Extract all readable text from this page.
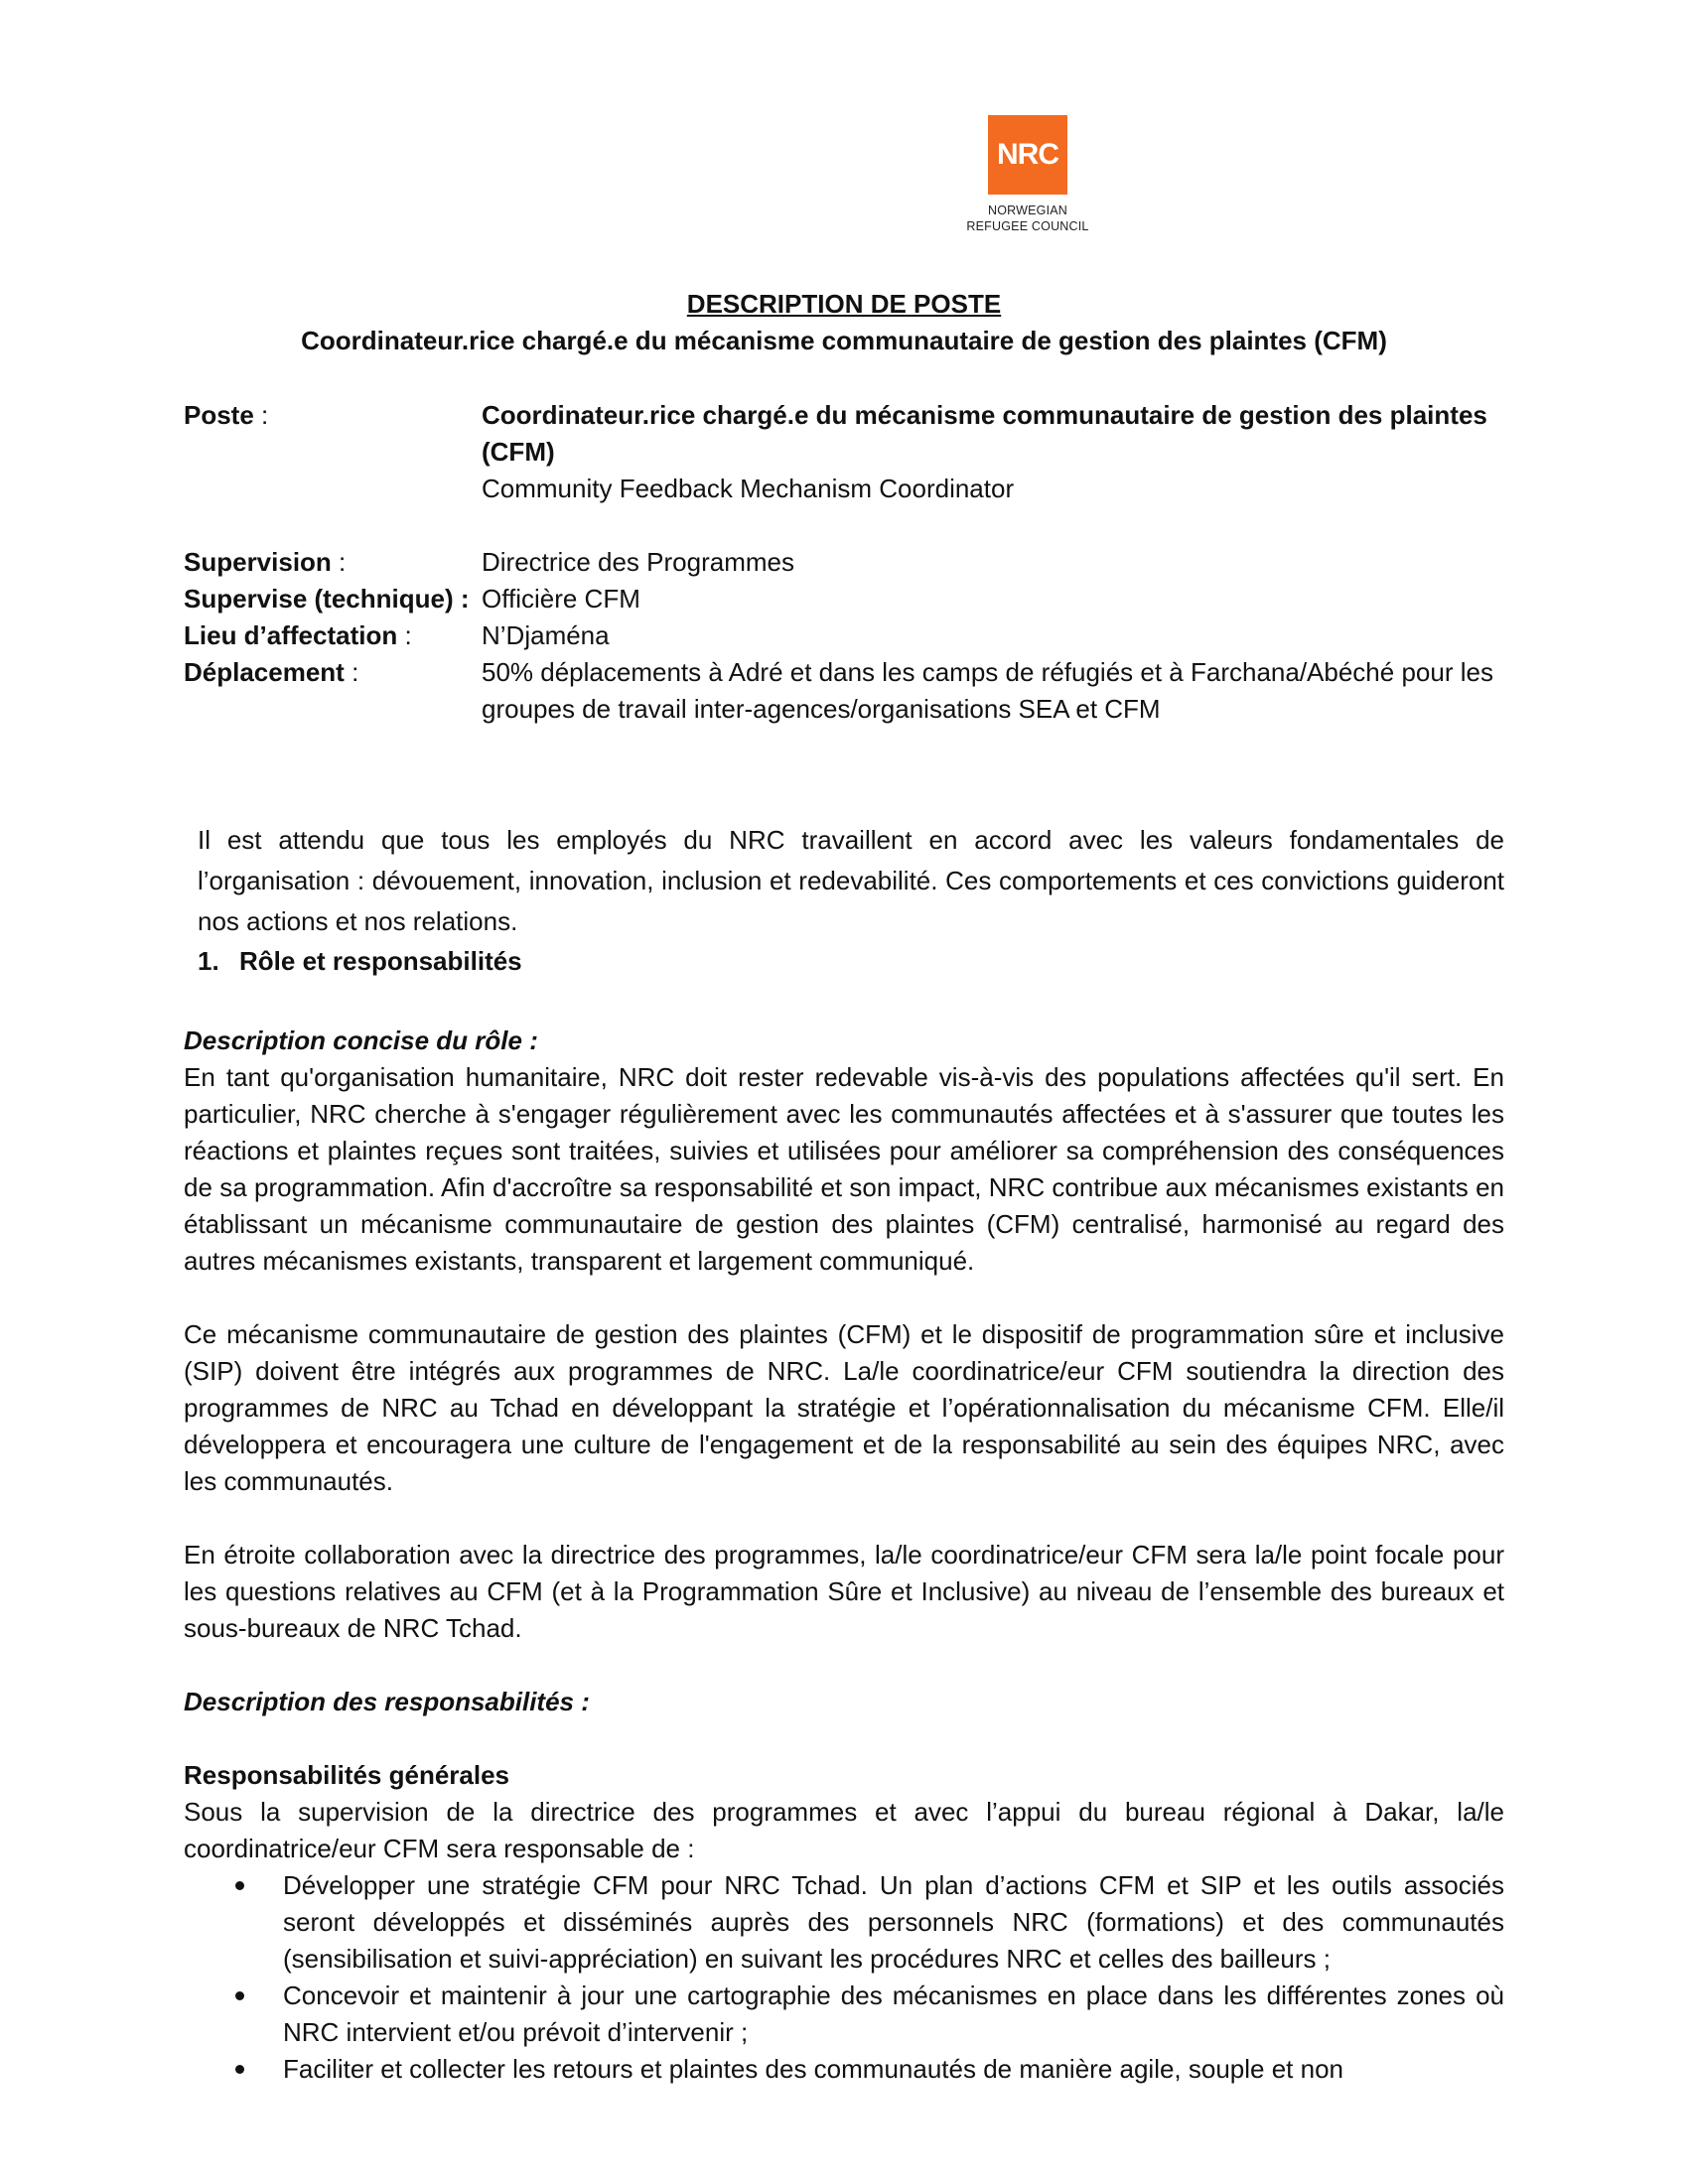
NRC
NORWEGIAN
REFUGEE COUNCIL
DESCRIPTION DE POSTE
Coordinateur.rice chargé.e du mécanisme communautaire de gestion des plaintes (CFM)
Poste :	Coordinateur.rice chargé.e du mécanisme communautaire de gestion des plaintes (CFM)
Community Feedback Mechanism Coordinator
Supervision :	Directrice des Programmes
Supervise (technique) : Officière CFM
Lieu d’affectation :	N’Djaména
Déplacement :	50% déplacements à Adré et dans les camps de réfugiés et à Farchana/Abéché pour les groupes de travail inter-agences/organisations SEA et CFM

Il est attendu que tous les employés du NRC travaillent en accord avec les valeurs fondamentales de l’organisation : dévouement, innovation, inclusion et redevabilité. Ces comportements et ces convictions guideront nos actions et nos relations.

1. Rôle et responsabilités

Description concise du rôle :

En tant qu'organisation humanitaire, NRC doit rester redevable vis-à-vis des populations affectées qu'il sert. En particulier, NRC cherche à s'engager régulièrement avec les communautés affectées et à s'assurer que toutes les réactions et plaintes reçues sont traitées, suivies et utilisées pour améliorer sa compréhension des conséquences de sa programmation. Afin d'accroître sa responsabilité et son impact, NRC contribue aux mécanismes existants en établissant un mécanisme communautaire de gestion des plaintes (CFM) centralisé, harmonisé au regard des autres mécanismes existants, transparent et largement communiqué.

Ce mécanisme communautaire de gestion des plaintes (CFM) et le dispositif de programmation sûre et inclusive (SIP) doivent être intégrés aux programmes de NRC. La/le coordinatrice/eur CFM soutiendra la direction des programmes de NRC au Tchad en développant la stratégie et l’opérationnalisation du mécanisme CFM. Elle/il développera et encouragera une culture de l'engagement et de la responsabilité au sein des équipes NRC, avec les communautés.

En étroite collaboration avec la directrice des programmes, la/le coordinatrice/eur CFM sera la/le point focale pour les questions relatives au CFM (et à la Programmation Sûre et Inclusive) au niveau de l’ensemble des bureaux et sous-bureaux de NRC Tchad.

Description des responsabilités :

Responsabilités générales

Sous la supervision de la directrice des programmes et avec l’appui du bureau régional à Dakar, la/le coordinatrice/eur CFM sera responsable de :

Développer une stratégie CFM pour NRC Tchad. Un plan d’actions CFM et SIP et les outils associés seront développés et disséminés auprès des personnels NRC (formations) et des communautés (sensibilisation et suivi-appréciation) en suivant les procédures NRC et celles des bailleurs ;
Concevoir et maintenir à jour une cartographie des mécanismes en place dans les différentes zones où NRC intervient et/ou prévoit d’intervenir ;
Faciliter et collecter les retours et plaintes des communautés de manière agile, souple et non
